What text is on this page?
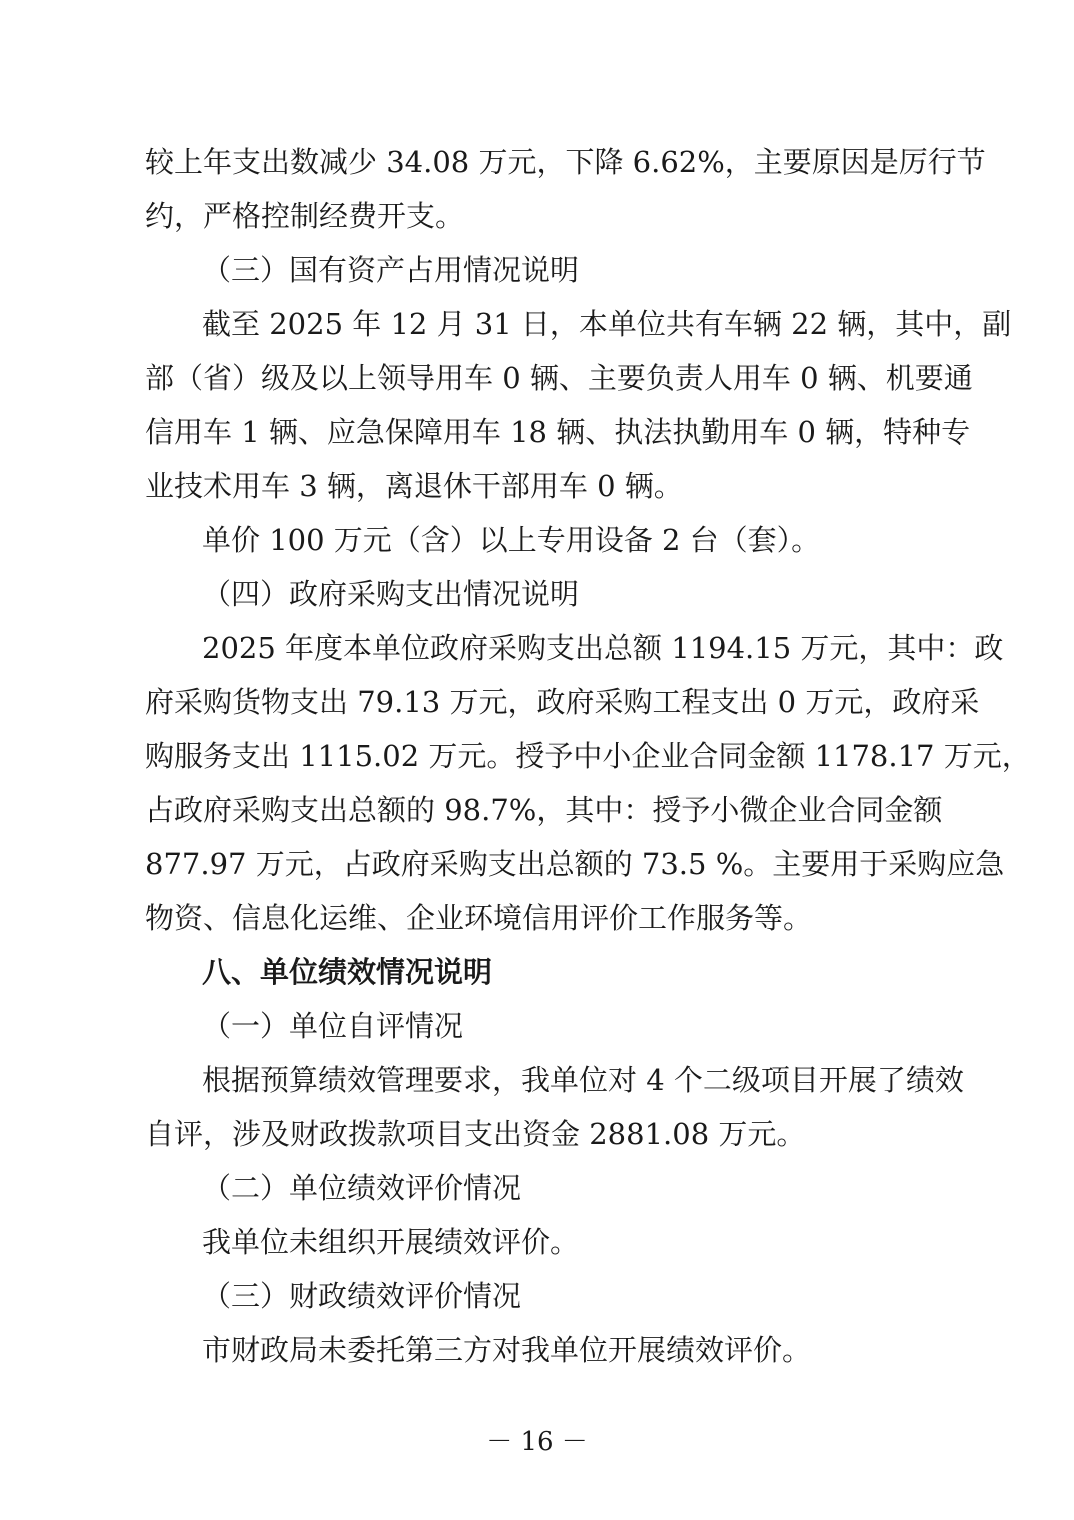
较上年支出数减少 34.08 万元，下降 6.62%，主要原因是厉行节
约，严格控制经费开支。
（三）国有资产占用情况说明
截至 2025 年 12 月 31 日，本单位共有车辆 22 辆，其中，副
部（省）级及以上领导用车 0 辆、主要负责人用车 0 辆、机要通
信用车 1 辆、应急保障用车 18 辆、执法执勤用车 0 辆，特种专
业技术用车 3 辆，离退休干部用车 0 辆。
单价 100 万元（含）以上专用设备 2 台（套）。
（四）政府采购支出情况说明
2025 年度本单位政府采购支出总额 1194.15 万元，其中：政
府采购货物支出 79.13 万元，政府采购工程支出 0 万元，政府采
购服务支出 1115.02 万元。授予中小企业合同金额 1178.17 万元，
占政府采购支出总额的 98.7%，其中：授予小微企业合同金额
877.97 万元，占政府采购支出总额的 73.5 %。主要用于采购应急
物资、信息化运维、企业环境信用评价工作服务等。
八、单位绩效情况说明
（一）单位自评情况
根据预算绩效管理要求，我单位对 4 个二级项目开展了绩效
自评，涉及财政拨款项目支出资金 2881.08 万元。
（二）单位绩效评价情况
我单位未组织开展绩效评价。
（三）财政绩效评价情况
市财政局未委托第三方对我单位开展绩效评价。
－ 16 －
